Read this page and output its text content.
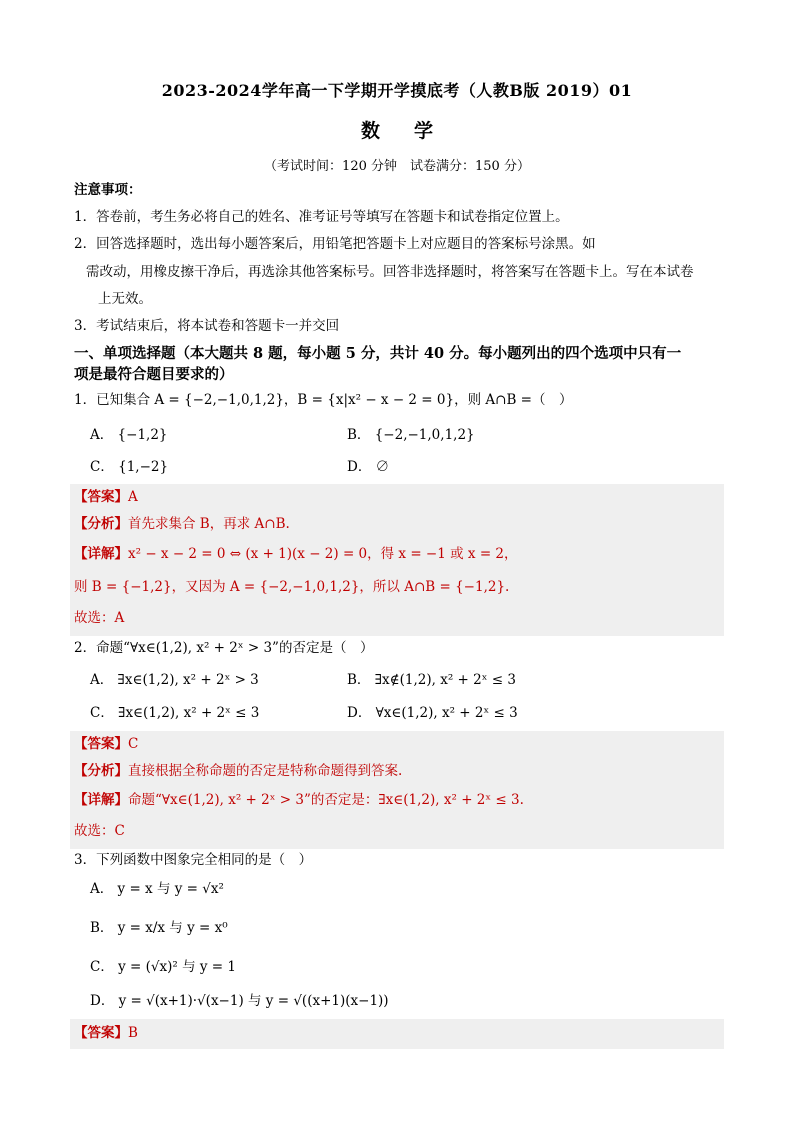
2023-2024学年高一下学期开学摸底考（人教B版 2019）01
数学
（考试时间：120 分钟　试卷满分：150 分）
注意事项：
1．答卷前，考生务必将自己的姓名、准考证号等填写在答题卡和试卷指定位置上。
2．回答选择题时，选出每小题答案后，用铅笔把答题卡上对应题目的答案标号涂黑。如
需改动，用橡皮擦干净后，再选涂其他答案标号。回答非选择题时，将答案写在答题卡上。写在本试卷
上无效。
3．考试结束后，将本试卷和答题卡一并交回
一、单项选择题（本大题共 8 题，每小题 5 分，共计 40 分。每小题列出的四个选项中只有一
项是最符合题目要求的）
1．已知集合 A = {−2,−1,0,1,2}，B = {x|x² − x − 2 = 0}，则 A∩B =（　）
A． {−1,2}	B． {−2,−1,0,1,2}
C． {1,−2}	D． ∅
【答案】A
【分析】首先求集合 B，再求 A∩B.
【详解】x² − x − 2 = 0 ⇔ (x + 1)(x − 2) = 0，得 x = −1 或 x = 2，
则 B = {−1,2}，又因为 A = {−2,−1,0,1,2}，所以 A∩B = {−1,2}.
故选：A
2．命题“∀x∈(1,2), x² + 2ˣ > 3”的否定是（　）
A． ∃x∈(1,2), x² + 2ˣ > 3	B． ∃x∉(1,2), x² + 2ˣ ≤ 3
C． ∃x∈(1,2), x² + 2ˣ ≤ 3	D． ∀x∈(1,2), x² + 2ˣ ≤ 3
【答案】C
【分析】直接根据全称命题的否定是特称命题得到答案.
【详解】命题“∀x∈(1,2), x² + 2ˣ > 3”的否定是：∃x∈(1,2), x² + 2ˣ ≤ 3.
故选：C
3．下列函数中图象完全相同的是（　）
A． y = x 与 y = √x²
B． y = x/x 与 y = x⁰
C． y = (√x)² 与 y = 1
D． y = √(x+1)·√(x−1) 与 y = √((x+1)(x−1))
【答案】B
